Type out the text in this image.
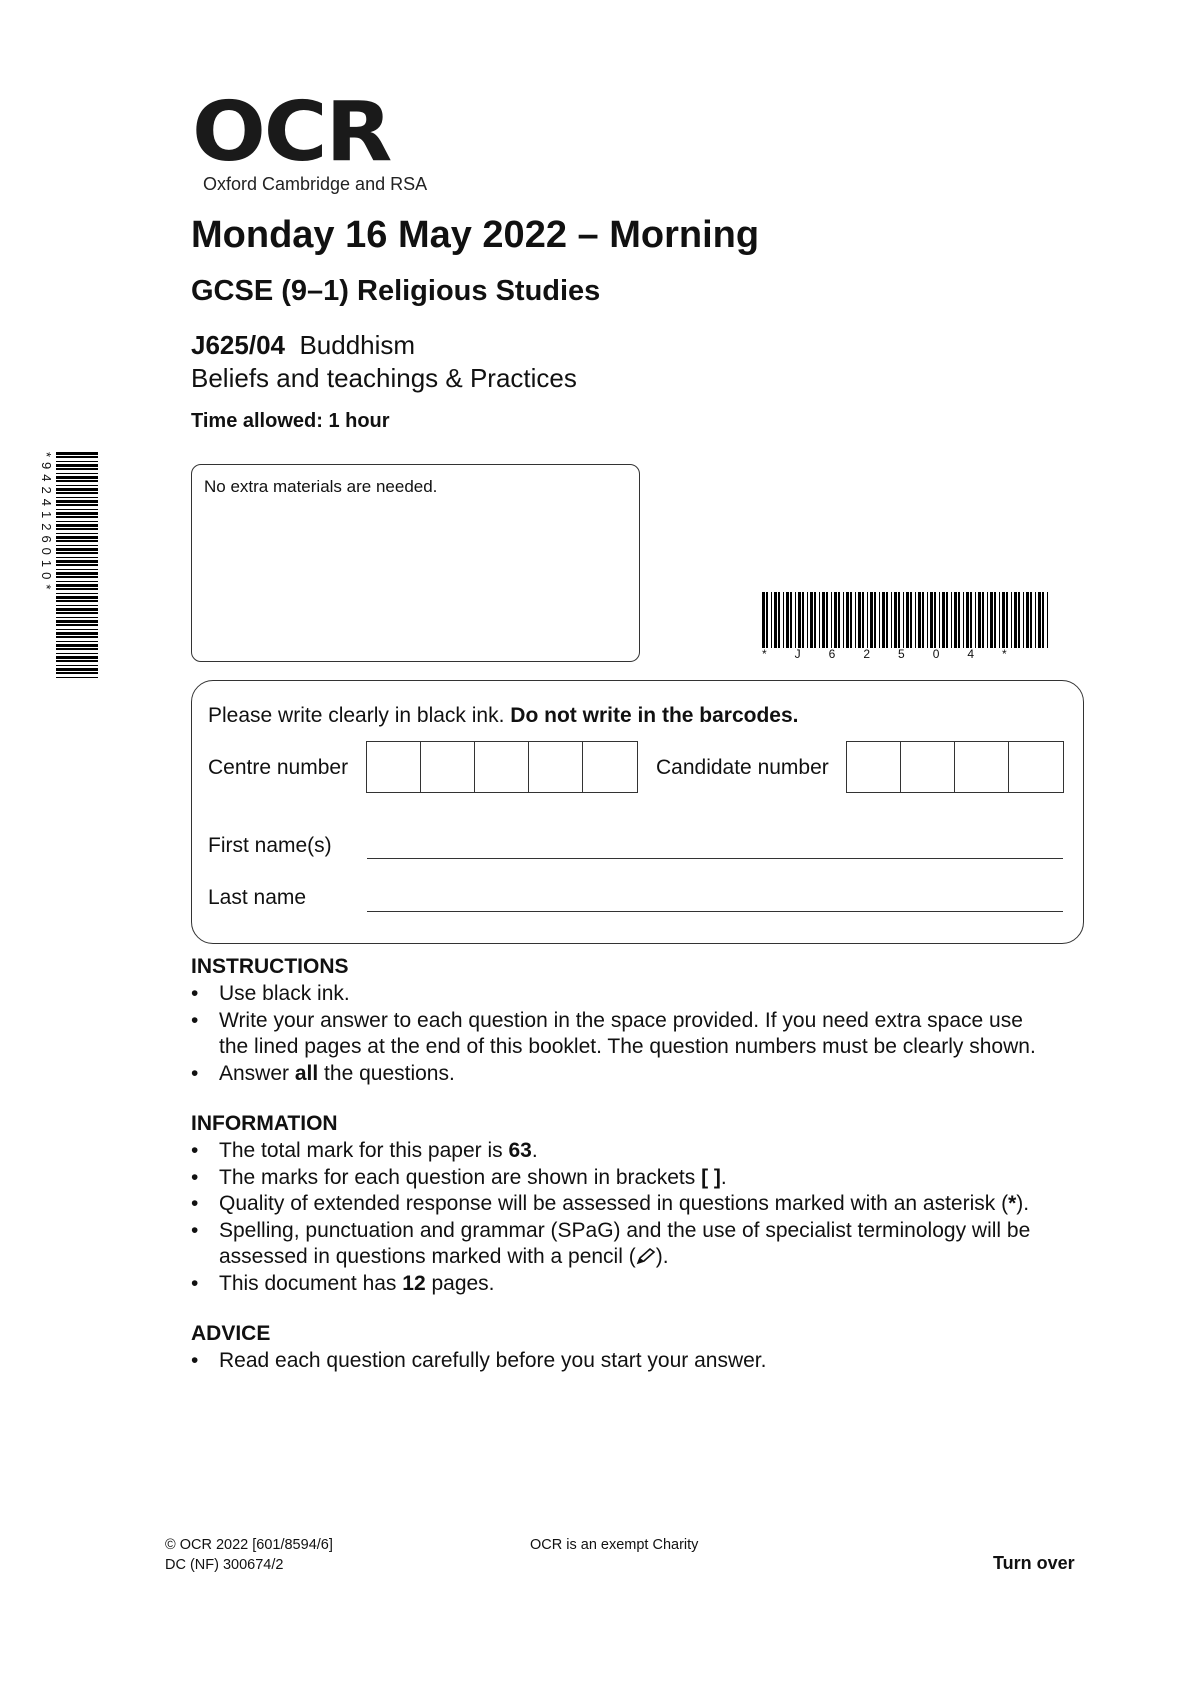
OCR
Oxford Cambridge and RSA
Monday 16 May 2022 – Morning
GCSE (9–1) Religious Studies
J625/04 Buddhism
Beliefs and teachings & Practices
Time allowed: 1 hour
No extra materials are needed.
*9424126010*
*J62504*
Please write clearly in black ink. Do not write in the barcodes.
Centre number	Candidate number
First name(s)
Last name
INSTRUCTIONS
• Use black ink.
• Write your answer to each question in the space provided. If you need extra space use
the lined pages at the end of this booklet. The question numbers must be clearly shown.
• Answer all the questions.
INFORMATION
• The total mark for this paper is 63.
• The marks for each question are shown in brackets [ ].
• Quality of extended response will be assessed in questions marked with an asterisk (*).
• Spelling, punctuation and grammar (SPaG) and the use of specialist terminology will be
assessed in questions marked with a pencil ( ).
• This document has 12 pages.
ADVICE
• Read each question carefully before you start your answer.
© OCR 2022 [601/8594/6]
DC (NF) 300674/2
OCR is an exempt Charity
Turn over
